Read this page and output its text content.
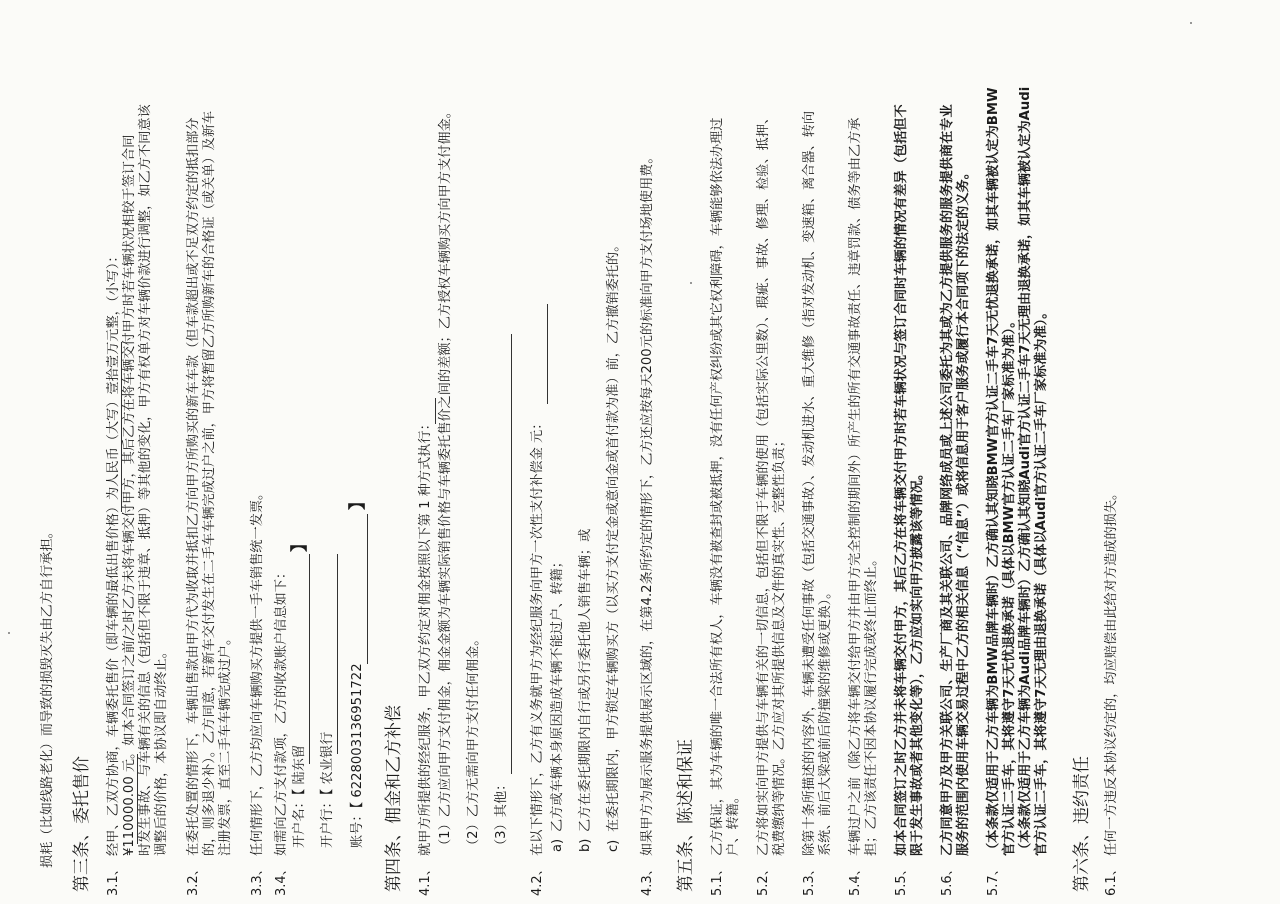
损耗（比如线路老化）而导致的损毁灭失由乙方自行承担。 第三条、委托售价 3.1、
经甲、乙双方协商，车辆委托售价（即车辆的最低出售价格）为人民币（大写）壹拾壹万元整，（小写）： ¥110000.00 元。如本合同签订之前/之时乙方未将车辆交付甲方，其后乙方在将车辆交付甲方时若车辆状况相较于签订合同 时发生事故、与车辆有关的信息（包括但不限于违章、抵押）等其他的变化，甲方有权单方对车辆价款进行调整，如乙方不同意该 调整后的价格，本协议即自动终止。
3.2、
在委托处置的情形下，车辆出售款由甲方代为收取并抵扣乙方向甲方所购买的新车车款（但车款超出或不足双方约定的抵扣部分 的，则多退少补）。乙方同意，若新车交付发生在二手车车辆完成过户之前，甲方将暂留乙方所购新车的合格证（或关单）及新车 注册发票，直至二手车车辆完成过户。
3.3、
任何情形下，乙方均应向车辆购买方提供一手车销售统一发票。
3.4、
如需向乙方支付款项，乙方的收款账户信息如下： 开户名：【 陆东留 开户行：【 农业银行 账号：【 6228003136951722 第四条、佣金和乙方补偿 4.1、
就甲方所提供的经纪服务，甲乙双方约定对佣金按照以下第 1 种方式执行： （1）乙方应向甲方支付佣金，佣金金额为车辆实际销售价格与车辆委托售价之间的差额；乙方授权车辆购买方向甲方支付佣金。 （2）乙方无需向甲方支付任何佣金。 （3）其他：
4.2、
在以下情形下，乙方有义务就甲方为经纪服务向甲方一次性支付补偿金 元： a)
乙方或车辆本身原因造成车辆不能过户、转籍；
b)
乙方在委托期限内自行或另行委托他人销售车辆；或
c)
在委托期限内，甲方锁定车辆购买方（以买方支付定金或意向金或首付款为准）前，乙方撤销委托的。
4.3、
如果甲方为展示服务提供展示区域的，在第4.2条所约定的情形下，乙方还应按每天200元的标准向甲方支付场地使用费。 第五条、陈述和保证 5.1、
乙方保证，其为车辆的唯一合法所有权人，车辆没有被查封或被抵押，没有任何产权纠纷或其它权利障碍，车辆能够依法办理过 户、转籍。
5.2、
乙方将如实向甲方提供与车辆有关的一切信息，包括但不限于车辆的使用（包括实际公里数）、瑕疵、事故、修理、检验、抵押、 税费缴纳等情况。乙方应对其所提供信息及文件的真实性、完整性负责；
5.3、
除第十条所描述的内容外，车辆未遭受任何事故（包括交通事故）、发动机进水、重大维修（指对发动机、变速箱、离合器、转向 系统、前后大梁或前后防撞梁的维修或更换）。
5.4、
车辆过户之前（除乙方将车辆交付给甲方并由甲方完全控制的期间外）所产生的所有交通事故责任、违章罚款、债务等由乙方承 担；乙方该责任不因本协议履行完成或终止而终止。
5.5、
如本合同签订之时乙方并未将车辆交付甲方，其后乙方在将车辆交付甲方时若车辆状况与签订合同时车辆的情况有差异（包括但不 限于发生事故或者其他变化等），乙方应如实向甲方披露该等情况。
5.6、
乙方同意甲方及甲方关联公司、生产厂商及其关联公司、品牌网络成员或上述公司委托为其或为乙方提供服务的服务提供商在专业 服务的范围内使用车辆交易过程中乙方的相关信息（“信息”）或将信息用于客户服务或履行本合同项下的法定的义务。
5.7、
（本条款仅适用于乙方车辆为BMW品牌车辆时）乙方确认其知晓BMW官方认证二手车7天无忧退换承诺，如其车辆被认定为BMW 官方认证二手车，其将遵守7天无忧退换承诺（具体以BMW官方认证二手车厂家标准为准）。 （本条款仅适用于乙方车辆为Audi品牌车辆时）乙方确认其知晓Audi官方认证二手车7天无理由退换承诺，如其车辆被认定为Audi 官方认证二手车，其将遵守7天无理由退换承诺（具体以Audi官方认证二手车厂家标准为准）。 第六条、违约责任 6.1、
任何一方违反本协议约定的，均应赔偿由此给对方造成的损失。
】
】
